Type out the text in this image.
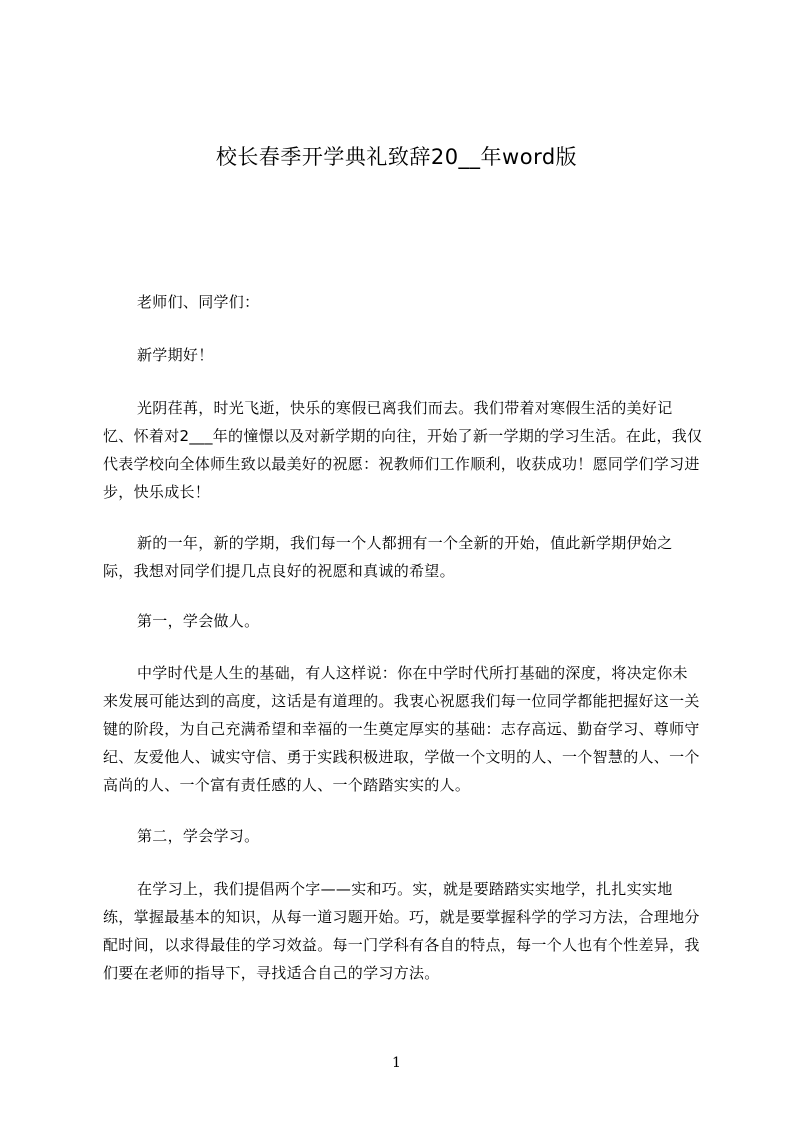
校长春季开学典礼致辞20__年word版

老师们、同学们：

新学期好！

光阴荏苒，时光飞逝，快乐的寒假已离我们而去。我们带着对寒假生活的美好记忆、怀着对2___年的憧憬以及对新学期的向往，开始了新一学期的学习生活。在此，我仅代表学校向全体师生致以最美好的祝愿：祝教师们工作顺利，收获成功！愿同学们学习进步，快乐成长！

新的一年，新的学期，我们每一个人都拥有一个全新的开始，值此新学期伊始之际，我想对同学们提几点良好的祝愿和真诚的希望。

第一，学会做人。

中学时代是人生的基础，有人这样说：你在中学时代所打基础的深度，将决定你未来发展可能达到的高度，这话是有道理的。我衷心祝愿我们每一位同学都能把握好这一关键的阶段，为自己充满希望和幸福的一生奠定厚实的基础：志存高远、勤奋学习、尊师守纪、友爱他人、诚实守信、勇于实践积极进取，学做一个文明的人、一个智慧的人、一个高尚的人、一个富有责任感的人、一个踏踏实实的人。

第二，学会学习。

在学习上，我们提倡两个字——实和巧。实，就是要踏踏实实地学，扎扎实实地练，掌握最基本的知识，从每一道习题开始。巧，就是要掌握科学的学习方法，合理地分配时间，以求得最佳的学习效益。每一门学科有各自的特点，每一个人也有个性差异，我们要在老师的指导下，寻找适合自己的学习方法。

1
